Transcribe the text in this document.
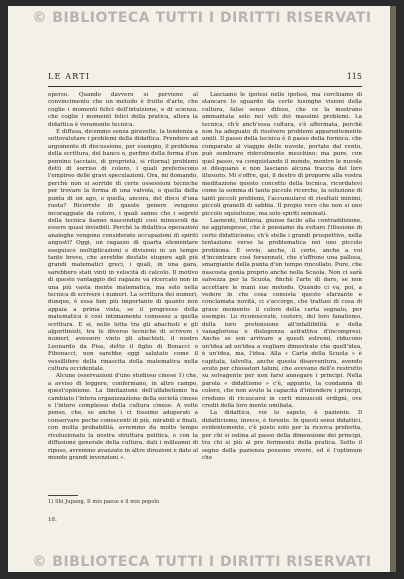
© BIBLIOTECA TUTTI I DIRITTI RISERVATI
LE ARTI	115

operso. Quando davvero si perviene al convincimento che un metodo è frutto d'arte, che coglie i momenti felici dell'intuizione, e di scienza, che coglie i momenti felici della pratica, allora la didattica è veramente tecnica.

È diffusa, dicemmo senza giravolte, la tendenza a sottovalutare i problemi della didattica. Prendere ad argomento di discussione, per esempio, il problema della scrittura, del banco o, perfino della forma d'un pennino (acciaio, di proprietà, si ritorna) problemi detti di sorriso di coloro, i quali preferiscono l'empireo delle gravi speculazioni. Ora, mi domando, perchè non si sorride di certe ossessioni tecniche per trovare la forma di una valvola, o quella della punta di un ago, o quella, ancora, del disco d'una ruota? Ricorrete di queste genere vengono incoraggiate da coloro, i quali sanno che i segreti della tecnica hanno nascondigli così minuscoli da essere quasi invisibili. Perchè la didattica operazioni analoghe vengono considerate occupazioni di spiriti angusti? Oggi, un ragazzo di quarta elementare eseguisce moltiplicazioni e divisioni in un tempo tanto breve, che avrebbe destato stupore agli più grandi matematici greci, i quali, in una gara, sarebbero stati vinti in velocità di calcolo. Il motivo di questo vantaggio del ragazzo va ricercato non in una più vasta mente matematica, ma solo nella tecnica di scrivere i numeri. La scrittura dei numeri, dunque, è essa ben più importante di quanto non appaia a prima vista, se il progresso della matematica è così intimamente connesso a quella scrittura. E si, nelle lotta tra gli abachisti e gli algoritmisti, tra le diverse tecniche di scrivere i numeri, avessero vinto gli abachisti, il nostro Leonardo da Pisa, detto il figlio di Bonacci o Fibonacci, non sarebbe oggi salutato come il vessillifero della rinascita della matematica nella cultura occidentale.

Alcune osservazioni d'uno studioso cinese 1) che, a avviso di leggere, confermano, in altro campo, quest'opinione. La limitazione dell'alfabetismo ha cambiato l'intera organizzazione della società cinese e l'intero complesso della cultura cinese. A volte penso, che, se anche i ci fossimo adoperati a conservare poche conoscenti di più, mirabili e finali, con molta probabilità, avremmo da molto tempo rivoluzionato la nostra struttura politica, e con la diffusione generale della cultura, dati i milleanni di riposo, avremmo avanzato in altre direzioni e dato al mondo grandi invenzioni ».

Lasciamo le ipotesi nelle ipotesi, ma cerchiamo di stancare lo sguardo da certe lusinghe visioni della cultura, falso senso difeso, che ce la mostrano ammantata solo nei veli dei massimi problemi. La tecnica, ch'è anch'essa cultura, s'è affermata, perchè non ha adeguato di risolvere problemi apparentemente umili. Il passo della tecnica è il passo della formica, che comparato al viaggio delle nuvole, portate dal vento, può sembrare ridevolmente meschino; ma pure, con quel passo, va conquistando il mondo, mentre le nuvole si dileguano e non lasciano alcuna traccia del loro illusorio. Mi s'offre, qui, il destro di proporre alla vostra meditazione questo concetto della tecnica, ricordatevi come la somma di tante piccole ricerche, la soluzione di tanti piccoli problemi, l'accumularsi di risultati minimi, piccoli granelli di sabbia. Il propio vero che non si uno piccolo squisitezze, ma solo spiriti seminati.

Laonenti, tuttavia, giunse facile alla contraddizione, ne aggiungesse, che è pensiamo da evitare l'illusione di certo didatticismo, ch'è stelle i grandi prospettive, nella tentazione verso la problematica nei uno piccolo problema. È ovvio, anche, il certo, anche a voi d'incontrare così forsennati, che s'offrono una pallosa, smargiante della punta d'un tempo rincollato. Pure, che nascosta gonia proprio anche nella Scuola. Non ci sarà salvezza per la Scuola, finchè l'arte di dare, se non accettare le mani sue metodo. Quando ci va, poi, a vedere in che cosa consista questo sfarzante e conclamata novità, ci s'accorge, che trattasi di cosa di grave momento: il colore della carta segnato, per esempio. Lo riconosceste, costoro, del loro fanatismo, della loro pretensione all'infallibilità e della vanagloriosa e dislegenza astrattiva d'incompresi. Anche se son arrivare a questi estremi, riducono un'idea ad un'idea a vegliare dimostrate che quell'idea, è un'idea, ma, l'idea. Alla « Carta della Scuola » è capitata, talvolta, anche questa disavventura, avendo avuto per chiosatori taluni, che avevano dell'e restrutto su solvagente per non farsi annegare i principi. Nella parola « didattismo » c'è, appunto, la condanna di coloro, che non avuto la capacità d'intendere i principi, credono di ricuscarsi in certi minuscoli ordigni, ove credit della loro mente umiliata.

La didattica, voi lo sapete, è paziente. Il didatticismo, invece, è furente. In questi sensi didattici, evidentemente, c'è posto solo per la ricerca preferita, per chi si ostina al passo della dimensione dei principi, tra chi si più al pre ferimento della pratica. Sotto il segno della pazienza possono vivere, ed è l'optimum che

1) Shi Jupang, Il mio paese e il mio popolo.
18.
© BIBLIOTECA TUTTI I DIRITTI RISERVATI
